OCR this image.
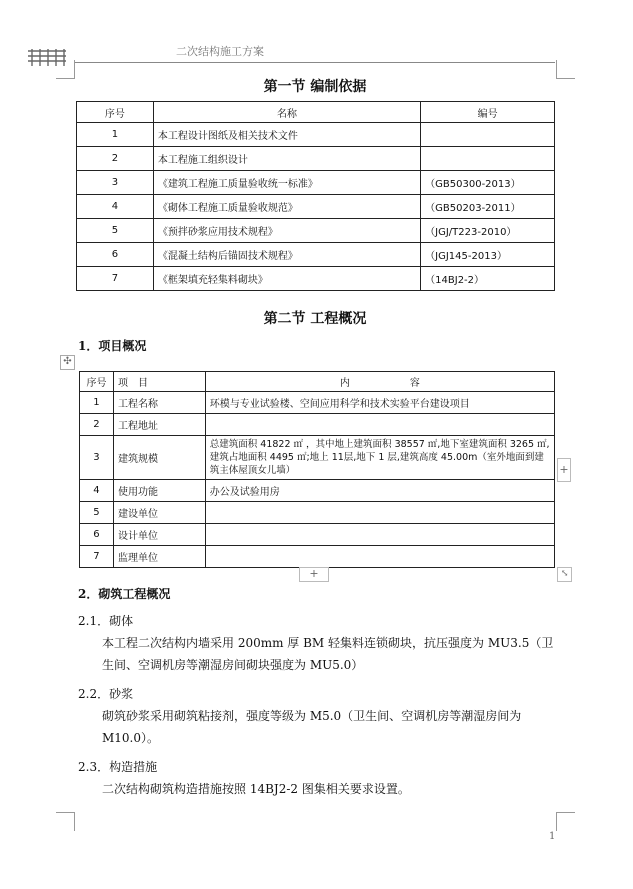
二次结构施工方案
第一节 编制依据
序号	名称	编号
1	本工程设计图纸及相关技术文件	
2	本工程施工组织设计	
3	《建筑工程施工质量验收统一标准》	（GB50300-2013）
4	《砌体工程施工质量验收规范》	（GB50203-2011）
5	《预拌砂浆应用技术规程》	（JGJ/T223-2010）
6	《混凝土结构后锚固技术规程》	（JGJ145-2013）
7	《框架填充轻集料砌块》	（14BJ2-2）
第二节 工程概况
1．项目概况
✣
序号	项　目	内　　　　　　容
1	工程名称	环模与专业试验楼、空间应用科学和技术实验平台建设项目
2	工程地址	
3	建筑规模	总建筑面积 41822 ㎡ ，其中地上建筑面积 38557 ㎡,地下室建筑面积 3265 ㎡,建筑占地面积 4495 ㎡;地上 11层,地下 1 层,建筑高度 45.00m（室外地面到建筑主体屋顶女儿墙）
4	使用功能	办公及试验用房
5	建设单位	
6	设计单位	
7	监理单位	
+
+	⤡
2．砌筑工程概况
2.1．砌体
本工程二次结构内墙采用 200mm 厚 BM 轻集料连锁砌块，抗压强度为 MU3.5（卫生间、空调机房等潮湿房间砌块强度为 MU5.0）
2.2．砂浆
砌筑砂浆采用砌筑粘接剂，强度等级为 M5.0（卫生间、空调机房等潮湿房间为 M10.0）。
2.3．构造措施
二次结构砌筑构造措施按照 14BJ2-2 图集相关要求设置。
1
